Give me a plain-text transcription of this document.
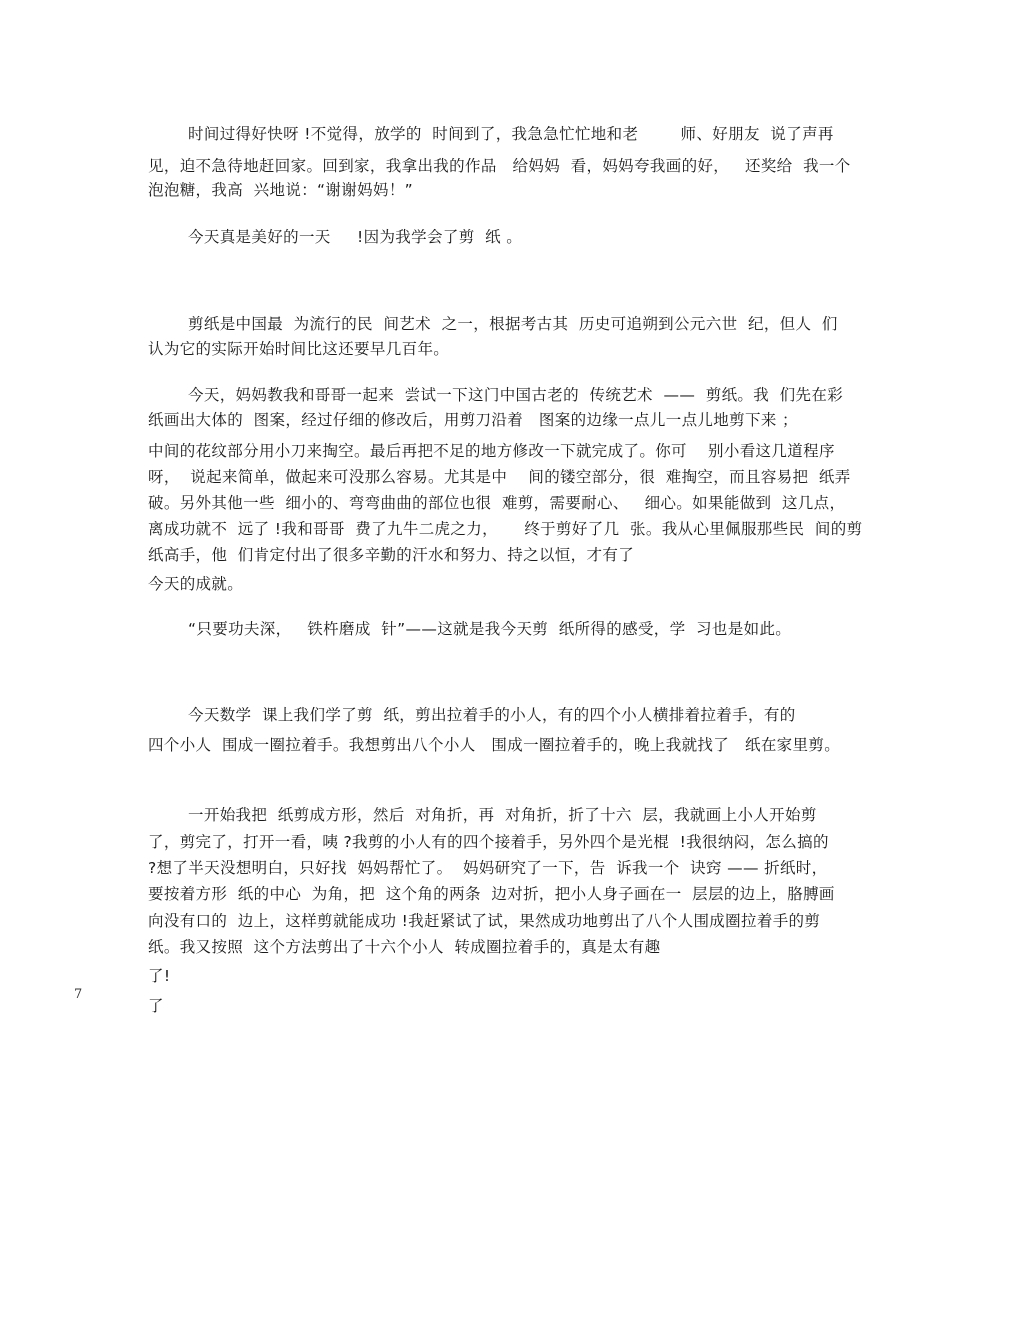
时间过得好快呀 !不觉得，放学的  时间到了，我急急忙忙地和老        师、好朋友  说了声再
见，迫不急待地赶回家。回到家，我拿出我的作品   给妈妈  看，妈妈夸我画的好，   还奖给  我一个
泡泡糖，我高  兴地说：“谢谢妈妈！”
今天真是美好的一天     !因为我学会了剪  纸 。
剪纸是中国最  为流行的民  间艺术  之一，根据考古其  历史可追朔到公元六世  纪，但人  们
认为它的实际开始时间比这还要早几百年。
今天，妈妈教我和哥哥一起来  尝试一下这门中国古老的  传统艺术  ——  剪纸。我  们先在彩
纸画出大体的  图案，经过仔细的修改后，用剪刀沿着   图案的边缘一点儿一点儿地剪下来 ；
中间的花纹部分用小刀来掏空。最后再把不足的地方修改一下就完成了。你可    别小看这几道程序
呀，  说起来简单，做起来可没那么容易。尤其是中    间的镂空部分，很  难掏空，而且容易把  纸弄
破。另外其他一些  细小的、弯弯曲曲的部位也很  难剪，需要耐心、   细心。如果能做到  这几点，
离成功就不  远了 !我和哥哥  费了九牛二虎之力，     终于剪好了几  张。我从心里佩服那些民  间的剪
纸高手，他  们肯定付出了很多辛勤的汗水和努力、持之以恒，才有了
今天的成就。
“只要功夫深，   铁杵磨成  针”——这就是我今天剪  纸所得的感受，学  习也是如此。
今天数学  课上我们学了剪  纸，剪出拉着手的小人，有的四个小人横排着拉着手，有的
四个小人  围成一圈拉着手。我想剪出八个小人   围成一圈拉着手的，晚上我就找了   纸在家里剪。
一开始我把  纸剪成方形，然后  对角折，再  对角折，折了十六  层，我就画上小人开始剪
了，剪完了，打开一看，咦 ?我剪的小人有的四个接着手，另外四个是光棍  !我很纳闷，怎么搞的
?想了半天没想明白，只好找  妈妈帮忙了。  妈妈研究了一下，告  诉我一个  诀窍 —— 折纸时，
要按着方形  纸的中心  为角，把  这个角的两条  边对折，把小人身子画在一  层层的边上，胳膊画
向没有口的  边上，这样剪就能成功 !我赶紧试了试，果然成功地剪出了八个人围成圈拉着手的剪
纸。我又按照  这个方法剪出了十六个小人  转成圈拉着手的，真是太有趣
了!
了
7
